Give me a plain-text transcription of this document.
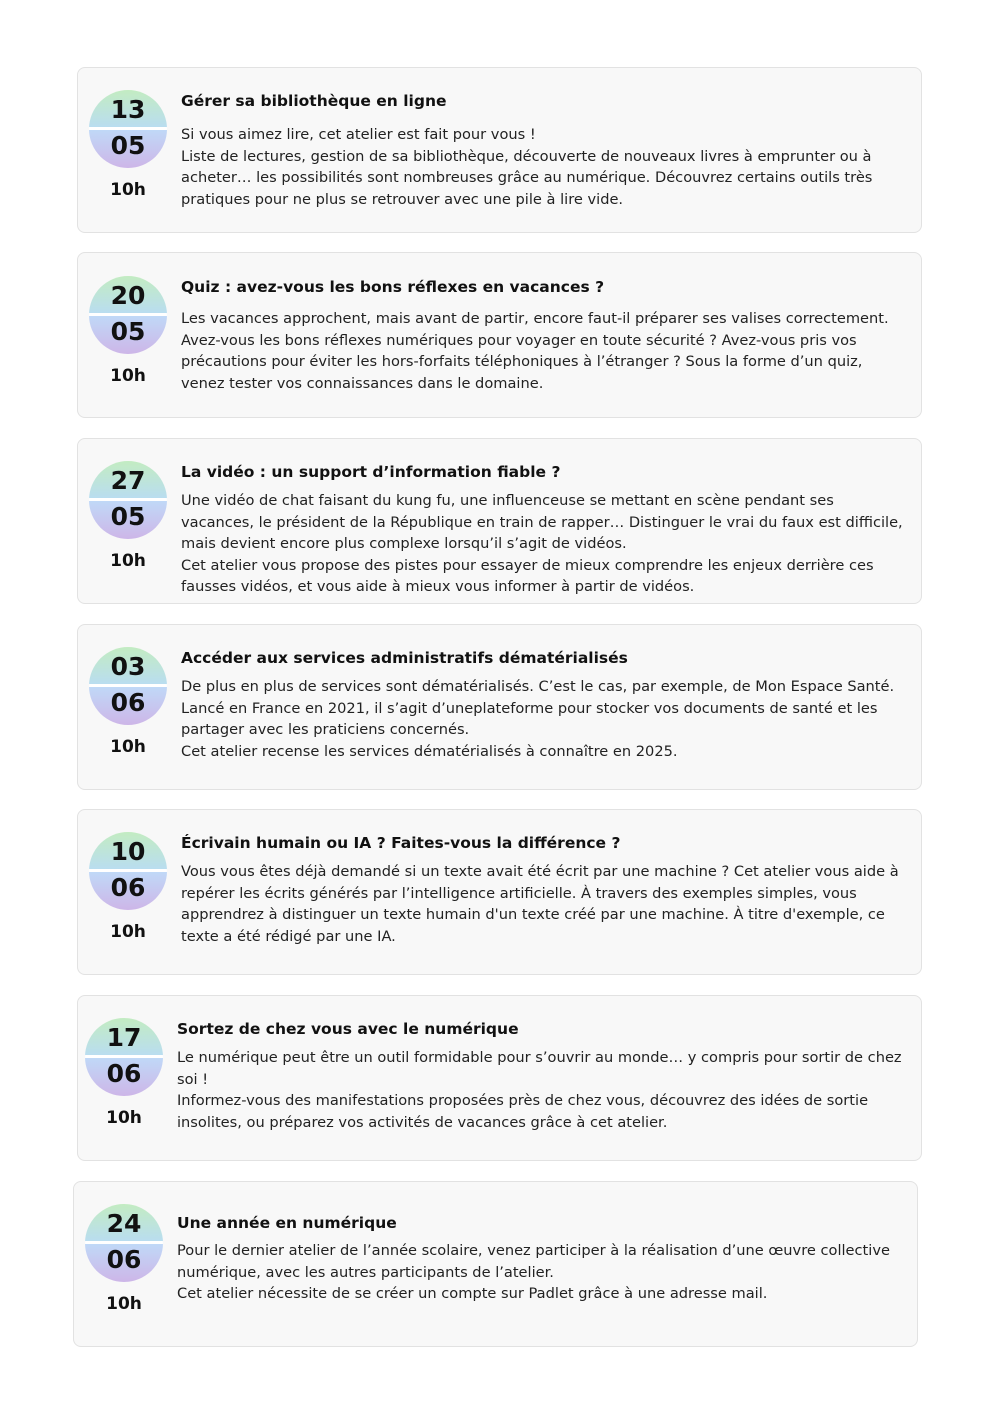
13
05
10h
Gérer sa bibliothèque en ligne

Si vous aimez lire, cet atelier est fait pour vous !

Liste de lectures, gestion de sa bibliothèque, découverte de nouveaux livres à emprunter ou à acheter… les possibilités sont nombreuses grâce au numérique. Découvrez certains outils très pratiques pour ne plus se retrouver avec une pile à lire vide.

20
05
10h
Quiz : avez-vous les bons réflexes en vacances ?

Les vacances approchent, mais avant de partir, encore faut-il préparer ses valises correctement.

Avez-vous les bons réflexes numériques pour voyager en toute sécurité ? Avez-vous pris vos précautions pour éviter les hors-forfaits téléphoniques à l’étranger ? Sous la forme d’un quiz, venez tester vos connaissances dans le domaine.

27
05
10h
La vidéo : un support d’information fiable ?

Une vidéo de chat faisant du kung fu, une influenceuse se mettant en scène pendant ses vacances, le président de la République en train de rapper… Distinguer le vrai du faux est difficile, mais devient encore plus complexe lorsqu’il s’agit de vidéos.

Cet atelier vous propose des pistes pour essayer de mieux comprendre les enjeux derrière ces fausses vidéos, et vous aide à mieux vous informer à partir de vidéos.

03
06
10h
Accéder aux services administratifs dématérialisés

De plus en plus de services sont dématérialisés. C’est le cas, par exemple, de Mon Espace Santé.

Lancé en France en 2021, il s’agit d’uneplateforme pour stocker vos documents de santé et les partager avec les praticiens concernés.

Cet atelier recense les services dématérialisés à connaître en 2025.

10
06
10h
Écrivain humain ou IA ? Faites-vous la différence ?

Vous vous êtes déjà demandé si un texte avait été écrit par une machine ? Cet atelier vous aide à repérer les écrits générés par l’intelligence artificielle. À travers des exemples simples, vous apprendrez à distinguer un texte humain d'un texte créé par une machine. À titre d'exemple, ce texte a été rédigé par une IA.

17
06
10h
Sortez de chez vous avec le numérique

Le numérique peut être un outil formidable pour s’ouvrir au monde… y compris pour sortir de chez soi !

Informez-vous des manifestations proposées près de chez vous, découvrez des idées de sortie insolites, ou préparez vos activités de vacances grâce à cet atelier.

24
06
10h
Une année en numérique

Pour le dernier atelier de l’année scolaire, venez participer à la réalisation d’une œuvre collective numérique, avec les autres participants de l’atelier.

Cet atelier nécessite de se créer un compte sur Padlet grâce à une adresse mail.
